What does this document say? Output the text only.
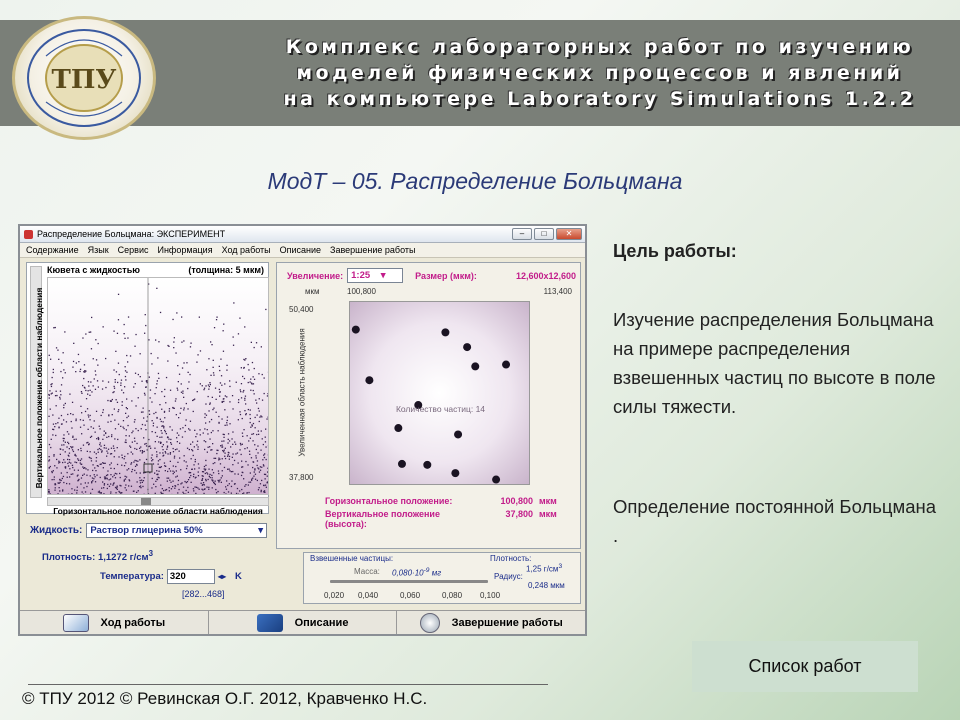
ТПУ
Комплекс лабораторных работ по изучению
моделей физических процессов и явлений
на компьютере Laboratory Simulations 1.2.2
МодТ – 05. Распределение Больцмана
Распределение Больцмана: ЭКСПЕРИМЕНТ	–	□	✕
Содержание Язык Сервис Информация Ход работы Описание Завершение работы
Вертикальное положение области наблюдения
Кювета с жидкостью	(толщина: 5 мкм)
Горизонтальное положение области наблюдения
Жидкость: Раствор глицерина 50%	▾
Плотность: 1,1272 $г/см^3$
Температура: 320	◂▸ K
[282...468]
Увеличение: 1:25 ▾	Размер (мкм):	12,600x12,600
мкм	100,800	113,400
50,400
37,800
Увеличенная область наблюдения	Количество частиц: 14
Горизонтальное положение:	100,800 мкм
Вертикальное положение (высота):
37,800 мкм
Взвешенные частицы:
Масса: $0,080\cdot 10^{-9}$ мг
Плотность:
1,25 $г/см^3$
Радиус:
0,248 мкм
0,020 0,040	0,060	0,080 0,100
Ход работы	Описание	Завершение работы
Цель работы:
Изучение распределения Больцмана на примере распределения взвешенных частиц по высоте в поле силы тяжести.
Определение постоянной Больцмана .
Список работ
© ТПУ 2012 © Ревинская О.Г. 2012, Кравченко Н.С.
